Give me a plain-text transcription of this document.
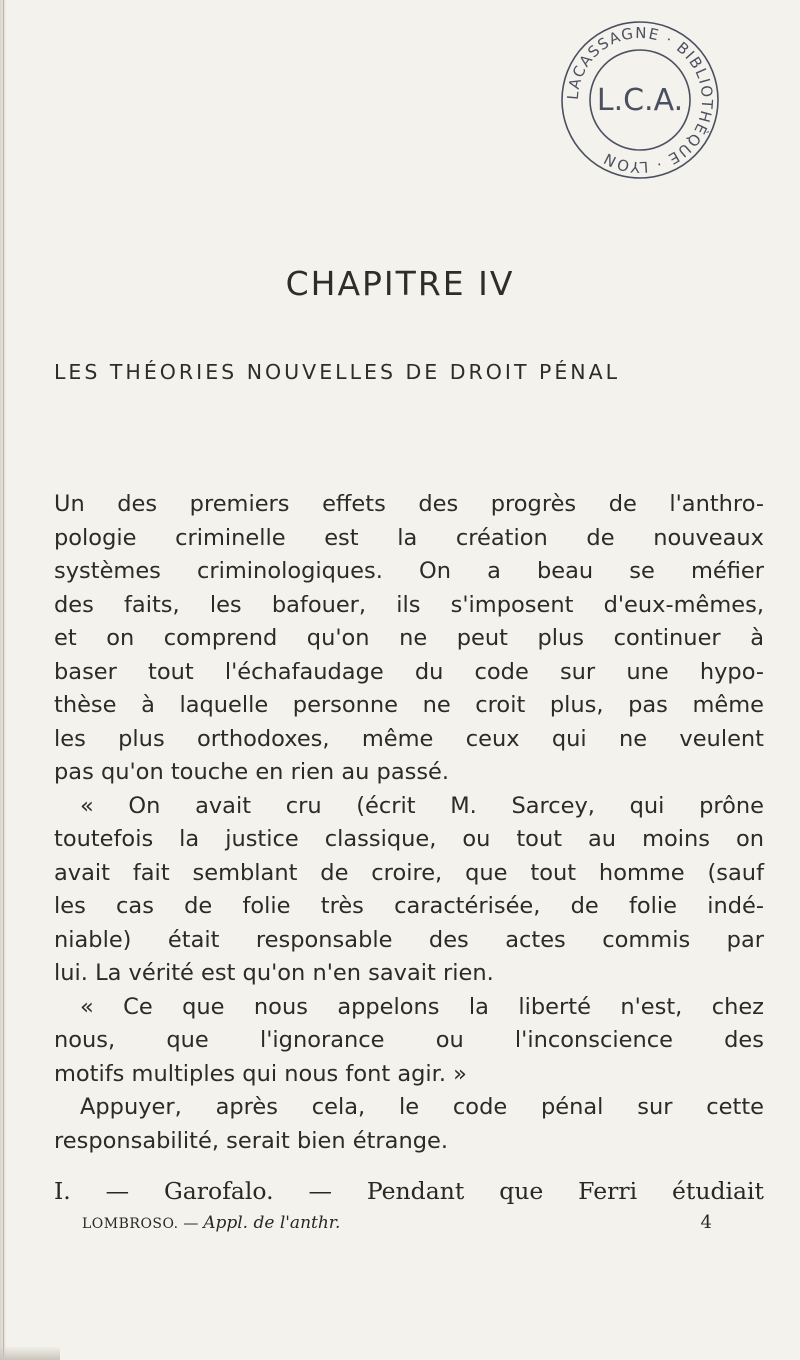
LACASSAGNE · BIBLIOTHÈQUE · LYON
L.C.A.
CHAPITRE IV
LES THÉORIES NOUVELLES DE DROIT PÉNAL
Un des premiers effets des progrès de l'anthro-
pologie criminelle est la création de nouveaux
systèmes criminologiques. On a beau se méfier
des faits, les bafouer, ils s'imposent d'eux-mêmes,
et on comprend qu'on ne peut plus continuer à
baser tout l'échafaudage du code sur une hypo-
thèse à laquelle personne ne croit plus, pas même
les plus orthodoxes, même ceux qui ne veulent
pas qu'on touche en rien au passé.
« On avait cru (écrit M. Sarcey, qui prône
toutefois la justice classique, ou tout au moins on
avait fait semblant de croire, que tout homme (sauf
les cas de folie très caractérisée, de folie indé-
niable) était responsable des actes commis par
lui. La vérité est qu'on n'en savait rien.
« Ce que nous appelons la liberté n'est, chez
nous, que l'ignorance ou l'inconscience des
motifs multiples qui nous font agir. »
Appuyer, après cela, le code pénal sur cette
responsabilité, serait bien étrange.
I. — Garofalo. — Pendant que Ferri étudiait
LOMBROSO. — Appl. de l'anthr.	4
